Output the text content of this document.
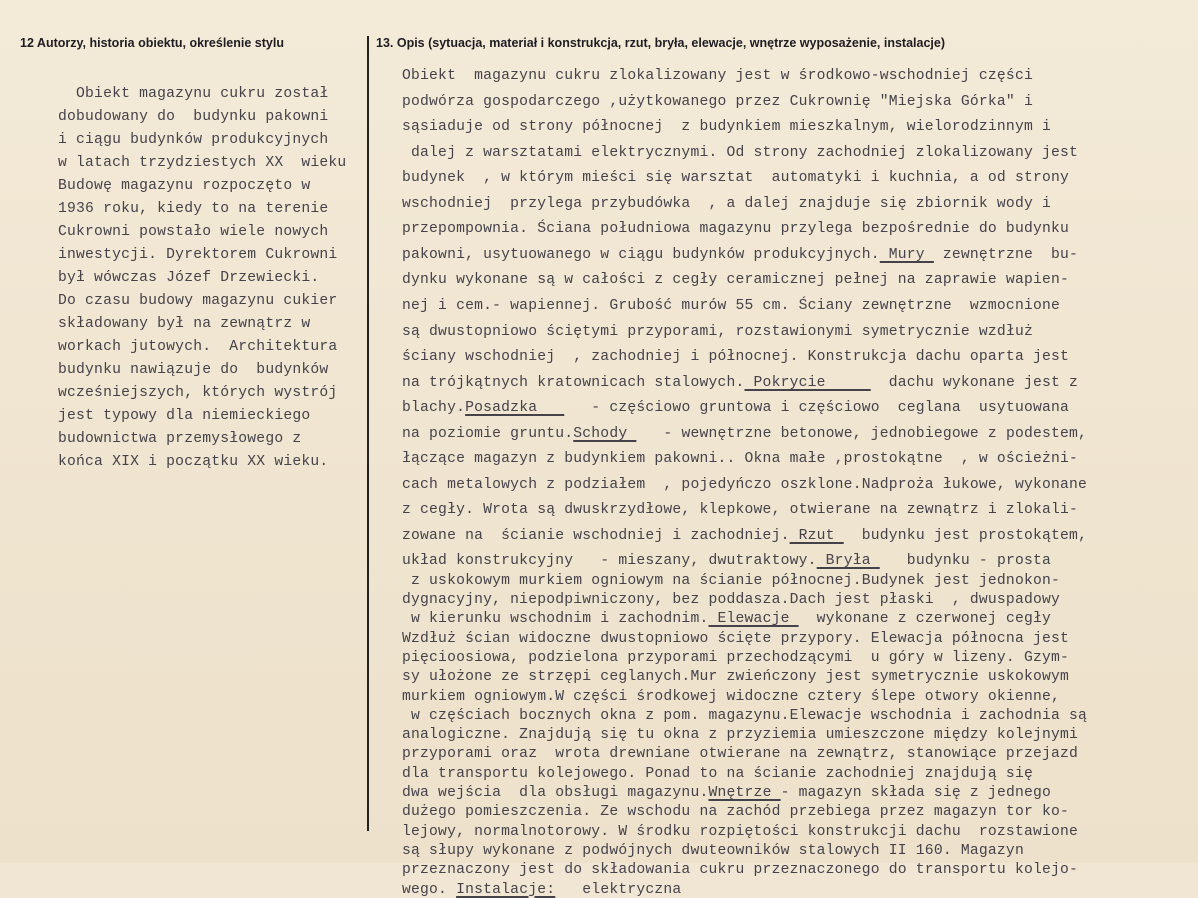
12 Autorzy, historia obiektu, określenie stylu	13. Opis (sytuacja, materiał i konstrukcja, rzut, bryła, elewacje, wnętrze wyposażenie, instalacje)
Obiekt magazynu cukru został
dobudowany do  budynku pakowni
i ciągu budynków produkcyjnych
w latach trzydziestych XX  wieku
Budowę magazynu rozpoczęto w
1936 roku, kiedy to na terenie
Cukrowni powstało wiele nowych
inwestycji. Dyrektorem Cukrowni
był wówczas Józef Drzewiecki.
Do czasu budowy magazynu cukier
składowany był na zewnątrz w
workach jutowych.  Architektura
budynku nawiązuje do  budynków
wcześniejszych, których wystrój
jest typowy dla niemieckiego
budownictwa przemysłowego z
końca XIX i początku XX wieku.
Obiekt  magazynu cukru zlokalizowany jest w środkowo-wschodniej części
podwórza gospodarczego ,użytkowanego przez Cukrownię "Miejska Górka" i
sąsiaduje od strony północnej  z budynkiem mieszkalnym, wielorodzinnym i
dalej z warsztatami elektrycznymi. Od strony zachodniej zlokalizowany jest
budynek  , w którym mieści się warsztat  automatyki i kuchnia, a od strony
wschodniej  przylega przybudówka  , a dalej znajduje się zbiornik wody i
przepompownia. Ściana południowa magazynu przylega bezpośrednie do budynku
pakowni, usytuowanego w ciągu budynków produkcyjnych. Mury  zewnętrzne  bu-
dynku wykonane są w całości z cegły ceramicznej pełnej na zaprawie wapien-
nej i cem.- wapiennej. Grubość murów 55 cm. Ściany zewnętrzne  wzmocnione
są dwustopniowo ściętymi przyporami, rozstawionymi symetrycznie wzdłuż
ściany wschodniej  , zachodniej i północnej. Konstrukcja dachu oparta jest
na trójkątnych kratownicach stalowych. Pokrycie       dachu wykonane jest z
blachy.Posadzka      - częściowo gruntowa i częściowo  ceglana  usytuowana
na poziomie gruntu.Schody    - wewnętrzne betonowe, jednobiegowe z podestem,
łączące magazyn z budynkiem pakowni.. Okna małe ,prostokątne  , w ościeżni-
cach metalowych z podziałem  , pojedyńczo oszklone.Nadproża łukowe, wykonane
z cegły. Wrota są dwuskrzydłowe, klepkowe, otwierane na zewnątrz i zlokali-
zowane na  ścianie wschodniej i zachodniej. Rzut   budynku jest prostokątem,
układ konstrukcyjny   - mieszany, dwutraktowy. Bryła    budynku - prosta
z uskokowym murkiem ogniowym na ścianie północnej.Budynek jest jednokon-
dygnacyjny, niepodpiwniczony, bez poddasza.Dach jest płaski  , dwuspadowy
w kierunku wschodnim i zachodnim. Elewacje   wykonane z czerwonej cegły
Wzdłuż ścian widoczne dwustopniowo ścięte przypory. Elewacja północna jest
pięcioosiowa, podzielona przyporami przechodzącymi  u góry w lizeny. Gzym-
sy ułożone ze strzępi ceglanych.Mur zwieńczony jest symetrycznie uskokowym
murkiem ogniowym.W części środkowej widoczne cztery ślepe otwory okienne,
w częściach bocznych okna z pom. magazynu.Elewacje wschodnia i zachodnia są
analogiczne. Znajdują się tu okna z przyziemia umieszczone między kolejnymi
przyporami oraz  wrota drewniane otwierane na zewnątrz, stanowiące przejazd
dla transportu kolejowego. Ponad to na ścianie zachodniej znajdują się
dwa wejścia  dla obsługi magazynu.Wnętrze - magazyn składa się z jednego
dużego pomieszczenia. Ze wschodu na zachód przebiega przez magazyn tor ko-
lejowy, normalnotorowy. W środku rozpiętości konstrukcji dachu  rozstawione
są słupy wykonane z podwójnych dwuteowników stalowych II 160. Magazyn
przeznaczony jest do składowania cukru przeznaczonego do transportu kolejo-
wego. Instalacje:   elektryczna
